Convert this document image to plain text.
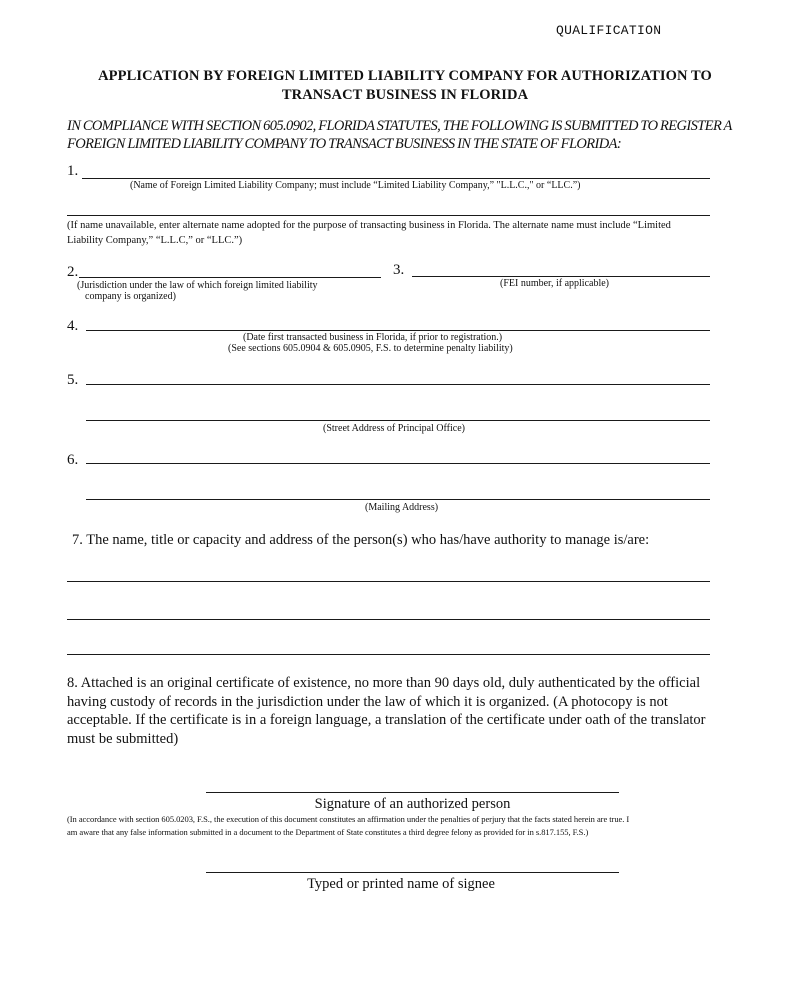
QUALIFICATION
APPLICATION BY FOREIGN LIMITED LIABILITY COMPANY FOR AUTHORIZATION TO
TRANSACT BUSINESS IN FLORIDA
IN COMPLIANCE WITH SECTION 605.0902, FLORIDA STATUTES, THE FOLLOWING IS SUBMITTED TO REGISTER A
FOREIGN LIMITED LIABILITY COMPANY TO TRANSACT BUSINESS IN THE STATE OF FLORIDA:
1.
(Name of Foreign Limited Liability Company; must include “Limited Liability Company,” "L.L.C.," or “LLC.”)
(If name unavailable, enter alternate name adopted for the purpose of transacting business in Florida. The alternate name must include “Limited
Liability Company,” “L.L.C,” or “LLC.”)
2.
(Jurisdiction under the law of which foreign limited liability
company is organized)
3.
(FEI number, if applicable)
4.
(Date first transacted business in Florida, if prior to registration.)
(See sections 605.0904 & 605.0905, F.S. to determine penalty liability)
5.
(Street Address of Principal Office)
6.
(Mailing Address)
7. The name, title or capacity and address of the person(s) who has/have authority to manage is/are:
8. Attached is an original certificate of existence, no more than 90 days old, duly authenticated by the official
having custody of records in the jurisdiction under the law of which it is organized. (A photocopy is not
acceptable. If the certificate is in a foreign language, a translation of the certificate under oath of the translator
must be submitted)
Signature of an authorized person
(In accordance with section 605.0203, F.S., the execution of this document constitutes an affirmation under the penalties of perjury that the facts stated herein are true. I
am aware that any false information submitted in a document to the Department of State constitutes a third degree felony as provided for in s.817.155, F.S.)
Typed or printed name of signee
